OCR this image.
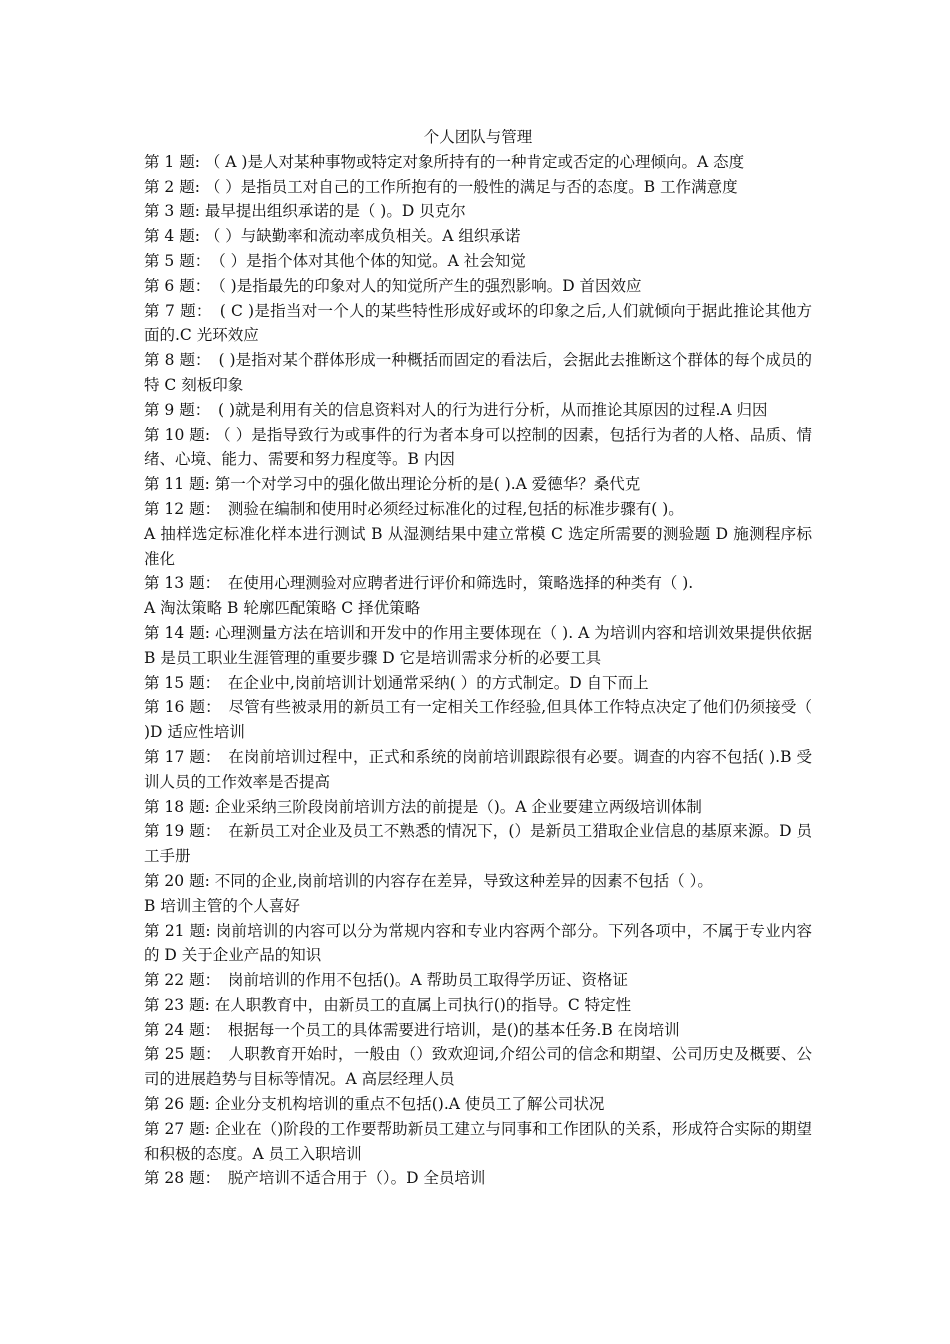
个人团队与管理

第 1 题: （ A )是人对某种事物或特定对象所持有的一种肯定或否定的心理倾向。A 态度

第 2 题: （ ）是指员工对自己的工作所抱有的一般性的满足与否的态度。B 工作满意度

第 3 题: 最早提出组织承诺的是（ )。D 贝克尔

第 4 题: （ ）与缺勤率和流动率成负相关。A 组织承诺

第 5 题：　（ ）是指个体对其他个体的知觉。A 社会知觉

第 6 题：　（ )是指最先的印象对人的知觉所产生的强烈影响。D 首因效应

第 7 题：　( C )是指当对一个人的某些特性形成好或坏的印象之后,人们就倾向于据此推论其他方面的.C 光环效应

第 8 题：　( )是指对某个群体形成一种概括而固定的看法后，会据此去推断这个群体的每个成员的特 C 刻板印象

第 9 题：　( )就是利用有关的信息资料对人的行为进行分析，从而推论其原因的过程.A 归因

第 10 题: （ ）是指导致行为或事件的行为者本身可以控制的因素，包括行为者的人格、品质、情绪、心境、能力、需要和努力程度等。B 内因

第 11 题: 第一个对学习中的强化做出理论分析的是( ).A 爱德华？桑代克

第 12 题：　测验在编制和使用时必须经过标准化的过程,包括的标准步骤有( )。

A 抽样选定标准化样本进行测试 B 从湿测结果中建立常模 C 选定所需要的测验题 D 施测程序标准化

第 13 题：　在使用心理测验对应聘者进行评价和筛选时，策略选择的种类有（ ).

A 淘汰策略 B 轮廓匹配策略 C 择优策略

第 14 题: 心理测量方法在培训和开发中的作用主要体现在（ ). A 为培训内容和培训效果提供依据 B 是员工职业生涯管理的重要步骤 D 它是培训需求分析的必要工具

第 15 题：　在企业中,岗前培训计划通常采纳( ）的方式制定。D 自下而上

第 16 题：　尽管有些被录用的新员工有一定相关工作经验,但具体工作特点决定了他们仍须接受（ )D 适应性培训

第 17 题：　在岗前培训过程中，正式和系统的岗前培训跟踪很有必要。调查的内容不包括( ).B 受训人员的工作效率是否提高

第 18 题: 企业采纳三阶段岗前培训方法的前提是（)。A 企业要建立两级培训体制

第 19 题：　在新员工对企业及员工不熟悉的情况下，(）是新员工猎取企业信息的基原来源。D 员工手册

第 20 题: 不同的企业,岗前培训的内容存在差异，导致这种差异的因素不包括（ ）。

B 培训主管的个人喜好

第 21 题: 岗前培训的内容可以分为常规内容和专业内容两个部分。下列各项中，不属于专业内容的 D 关于企业产品的知识

第 22 题：　岗前培训的作用不包括()。A 帮助员工取得学历证、资格证

第 23 题: 在人职教育中，由新员工的直属上司执行()的指导。C 特定性

第 24 题：　根据每一个员工的具体需要进行培训，是()的基本任务.B 在岗培训

第 25 题：　人职教育开始时，一般由（）致欢迎词,介绍公司的信念和期望、公司历史及概要、公司的进展趋势与目标等情况。A 高层经理人员

第 26 题: 企业分支机构培训的重点不包括().A 使员工了解公司状况

第 27 题: 企业在（)阶段的工作要帮助新员工建立与同事和工作团队的关系，形成符合实际的期望和积极的态度。A 员工入职培训

第 28 题：　脱产培训不适合用于（）。D 全员培训
